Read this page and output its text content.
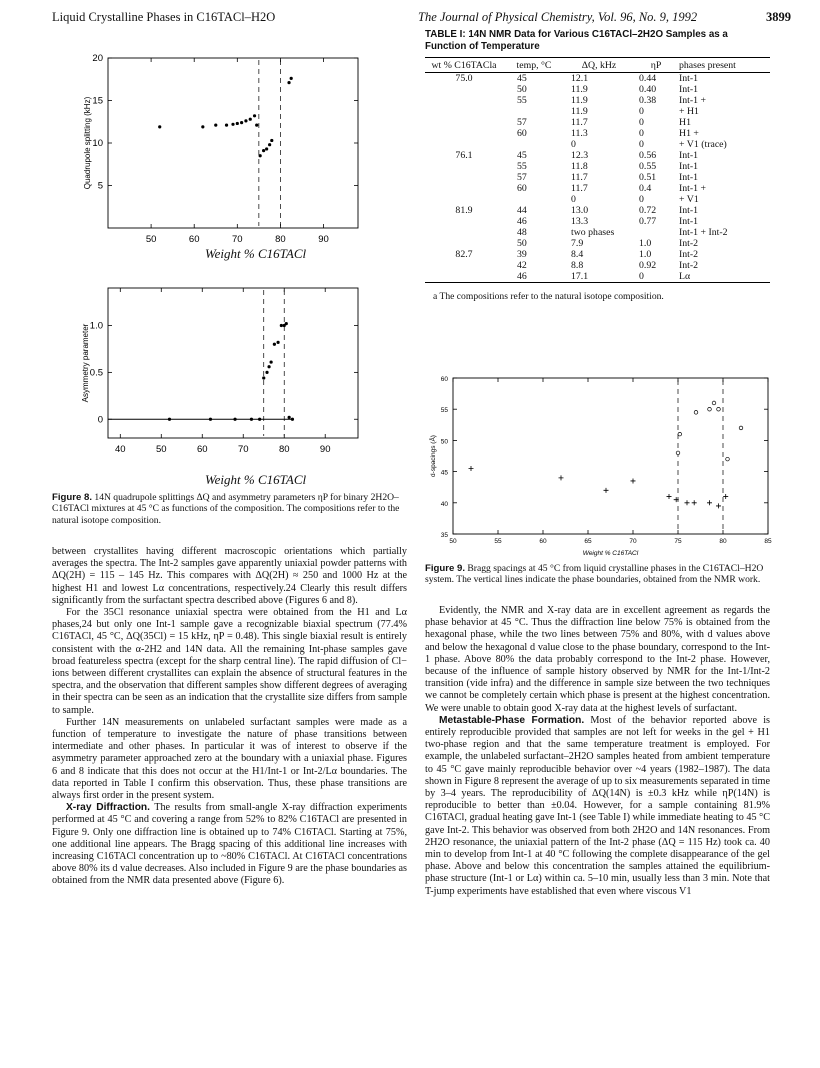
Liquid Crystalline Phases in C16TACl–H2O	The Journal of Physical Chemistry, Vol. 96, No. 9, 1992	3899
50	60	70	80	90
5
10
15
20
Quadrupole splitting (kHz)
Weight % C16TACl
40	50	60	70	80	90
0
0.5
1.0
Asymmetry parameter
Weight % C16TACl
Figure 8. 14N quadrupole splittings ΔQ and asymmetry parameters ηP for binary 2H2O–C16TACl mixtures at 45 °C as functions of the composition. The compositions refer to the natural isotope composition.

between crystallites having different macroscopic orientations which partially averages the spectra. The Int-2 samples gave apparently uniaxial powder patterns with ΔQ(2H) = 115 – 145 Hz. This compares with ΔQ(2H) ≈ 250 and 1000 Hz at the highest H1 and lowest Lα concentrations, respectively.24 Clearly this result differs significantly from the surfactant spectra described above (Figures 6 and 8).

For the 35Cl resonance uniaxial spectra were obtained from the H1 and Lα phases,24 but only one Int-1 sample gave a recognizable biaxial spectrum (77.4% C16TACl, 45 °C, ΔQ(35Cl) = 15 kHz, ηP = 0.48). This single biaxial result is entirely consistent with the α-2H2 and 14N data. All the remaining Int-phase samples gave broad featureless spectra (except for the sharp central line). The rapid diffusion of Cl− ions between different crystallites can explain the absence of structural features in the spectra, and the observation that different samples show different degrees of averaging in their spectra can be seen as an indication that the crystallite size differs from sample to sample.

Further 14N measurements on unlabeled surfactant samples were made as a function of temperature to investigate the nature of phase transitions between intermediate and other phases. In particular it was of interest to observe if the asymmetry parameter approached zero at the boundary with a uniaxial phase. Figures 6 and 8 indicate that this does not occur at the H1/Int-1 or Int-2/Lα boundaries. The data reported in Table I confirm this observation. Thus, these phase transitions are always first order in the present system.

X-ray Diffraction. The results from small-angle X-ray diffraction experiments performed at 45 °C and covering a range from 52% to 82% C16TACl are presented in Figure 9. Only one diffraction line is obtained up to 74% C16TACl. Starting at 75%, one additional line appears. The Bragg spacing of this additional line increases with increasing C16TACl concentration up to ~80% C16TACl. At C16TACl concentrations above 80% its d value decreases. Also included in Figure 9 are the phase boundaries as obtained from the NMR data presented above (Figure 6).

TABLE I: 14N NMR Data for Various C16TACl–2H2O Samples as a Function of Temperature
wt % C16TACla	temp, °C	ΔQ, kHz	ηP	phases present
75.0	45	12.1	0.44	Int-1
	50	11.9	0.40	Int-1
	55	11.9	0.38	Int-1 +
		11.9	0	+ H1
	57	11.7	0	H1
	60	11.3	0	H1 +
		0	0	+ V1 (trace)
76.1	45	12.3	0.56	Int-1
	55	11.8	0.55	Int-1
	57	11.7	0.51	Int-1
	60	11.7	0.4	Int-1 +
		0	0	+ V1
81.9	44	13.0	0.72	Int-1
	46	13.3	0.77	Int-1
	48	two phases		Int-1 + Int-2
	50	7.9	1.0	Int-2
82.7	39	8.4	1.0	Int-2
	42	8.8	0.92	Int-2
	46	17.1	0	Lα
a The compositions refer to the natural isotope composition.
50	55	60	65	70	75	80	85
35
40
45
50
55
60
d-spacings (Å)
Weight % C16TACl
Figure 9. Bragg spacings at 45 °C from liquid crystalline phases in the C16TACl–H2O system. The vertical lines indicate the phase boundaries, obtained from the NMR work.

Evidently, the NMR and X-ray data are in excellent agreement as regards the phase behavior at 45 °C. Thus the diffraction line below 75% is obtained from the hexagonal phase, while the two lines between 75% and 80%, with d values above and below the hexagonal d value close to the phase boundary, correspond to the Int-1 phase. Above 80% the data probably correspond to the Int-2 phase. However, because of the influence of sample history observed by NMR for the Int-1/Int-2 transition (vide infra) and the difference in sample size between the two techniques we cannot be completely certain which phase is present at the highest concentration. We were unable to obtain good X-ray data at the highest levels of surfactant.

Metastable-Phase Formation. Most of the behavior reported above is entirely reproducible provided that samples are not left for weeks in the gel + H1 two-phase region and that the same temperature treatment is employed. For example, the unlabeled surfactant–2H2O samples heated from ambient temperature to 45 °C gave mainly reproducible behavior over ~4 years (1982–1987). The data shown in Figure 8 represent the average of up to six measurements separated in time by 3–4 years. The reproducibility of ΔQ(14N) is ±0.3 kHz while ηP(14N) is reproducible to better than ±0.04. However, for a sample containing 81.9% C16TACl, gradual heating gave Int-1 (see Table I) while immediate heating to 45 °C gave Int-2. This behavior was observed from both 2H2O and 14N resonances. From 2H2O resonance, the uniaxial pattern of the Int-2 phase (ΔQ = 115 Hz) took ca. 40 min to develop from Int-1 at 40 °C following the complete disappearance of the gel phase. Above and below this concentration the samples attained the equilibrium-phase structure (Int-1 or Lα) within ca. 5–10 min, usually less than 3 min. Note that T-jump experiments have established that even where viscous V1
